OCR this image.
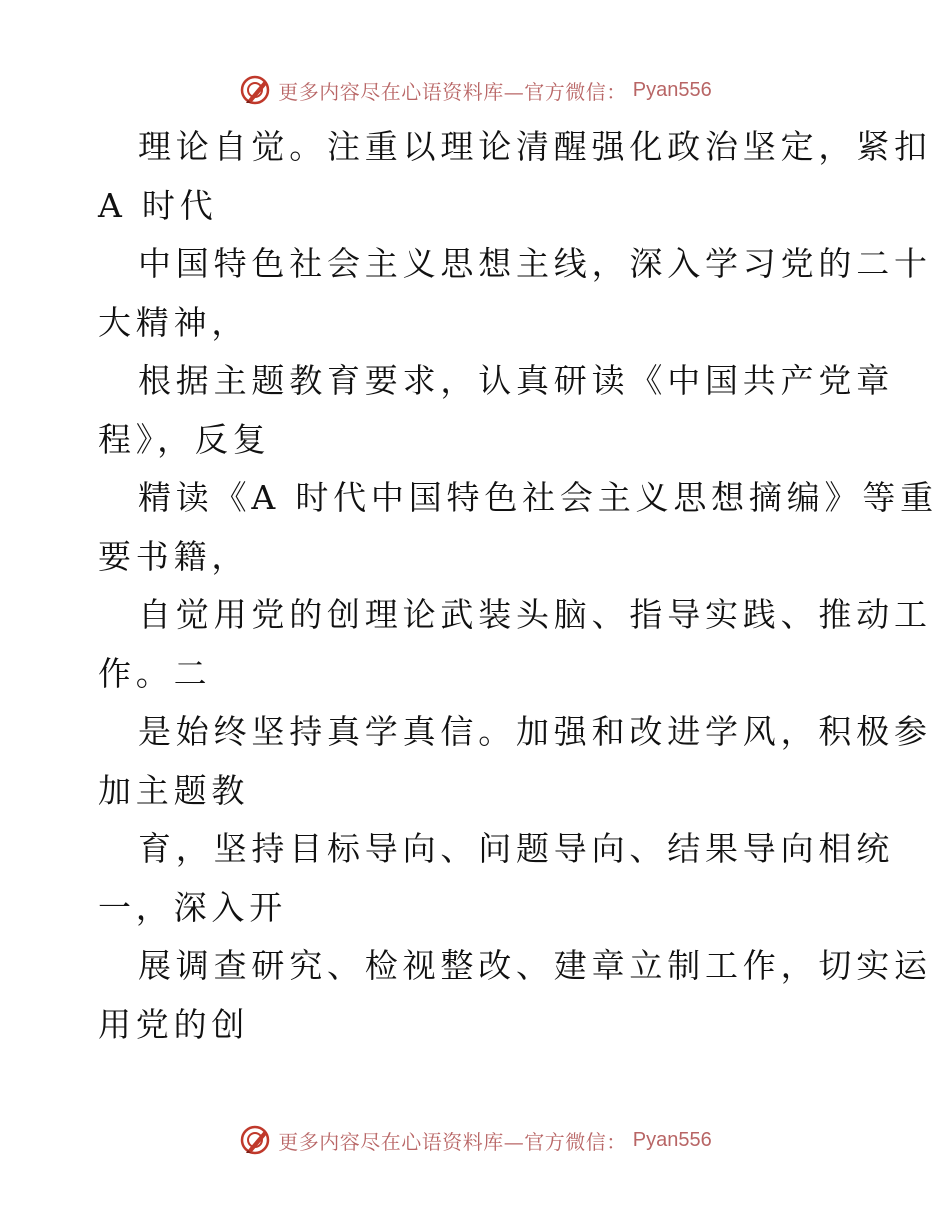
更多内容尽在心语资料库—官方微信： Pyan556

理论自觉。注重以理论清醒强化政治坚定，紧扣
A 时代

中国特色社会主义思想主线，深入学习党的二十
大精神，

根据主题教育要求，认真研读《中国共产党章
程》，反复

精读《A 时代中国特色社会主义思想摘编》等重
要书籍，

自觉用党的创理论武装头脑、指导实践、推动工
作。二

是始终坚持真学真信。加强和改进学风，积极参
加主题教

育，坚持目标导向、问题导向、结果导向相统
一，深入开

展调查研究、检视整改、建章立制工作，切实运
用党的创

更多内容尽在心语资料库—官方微信： Pyan556
